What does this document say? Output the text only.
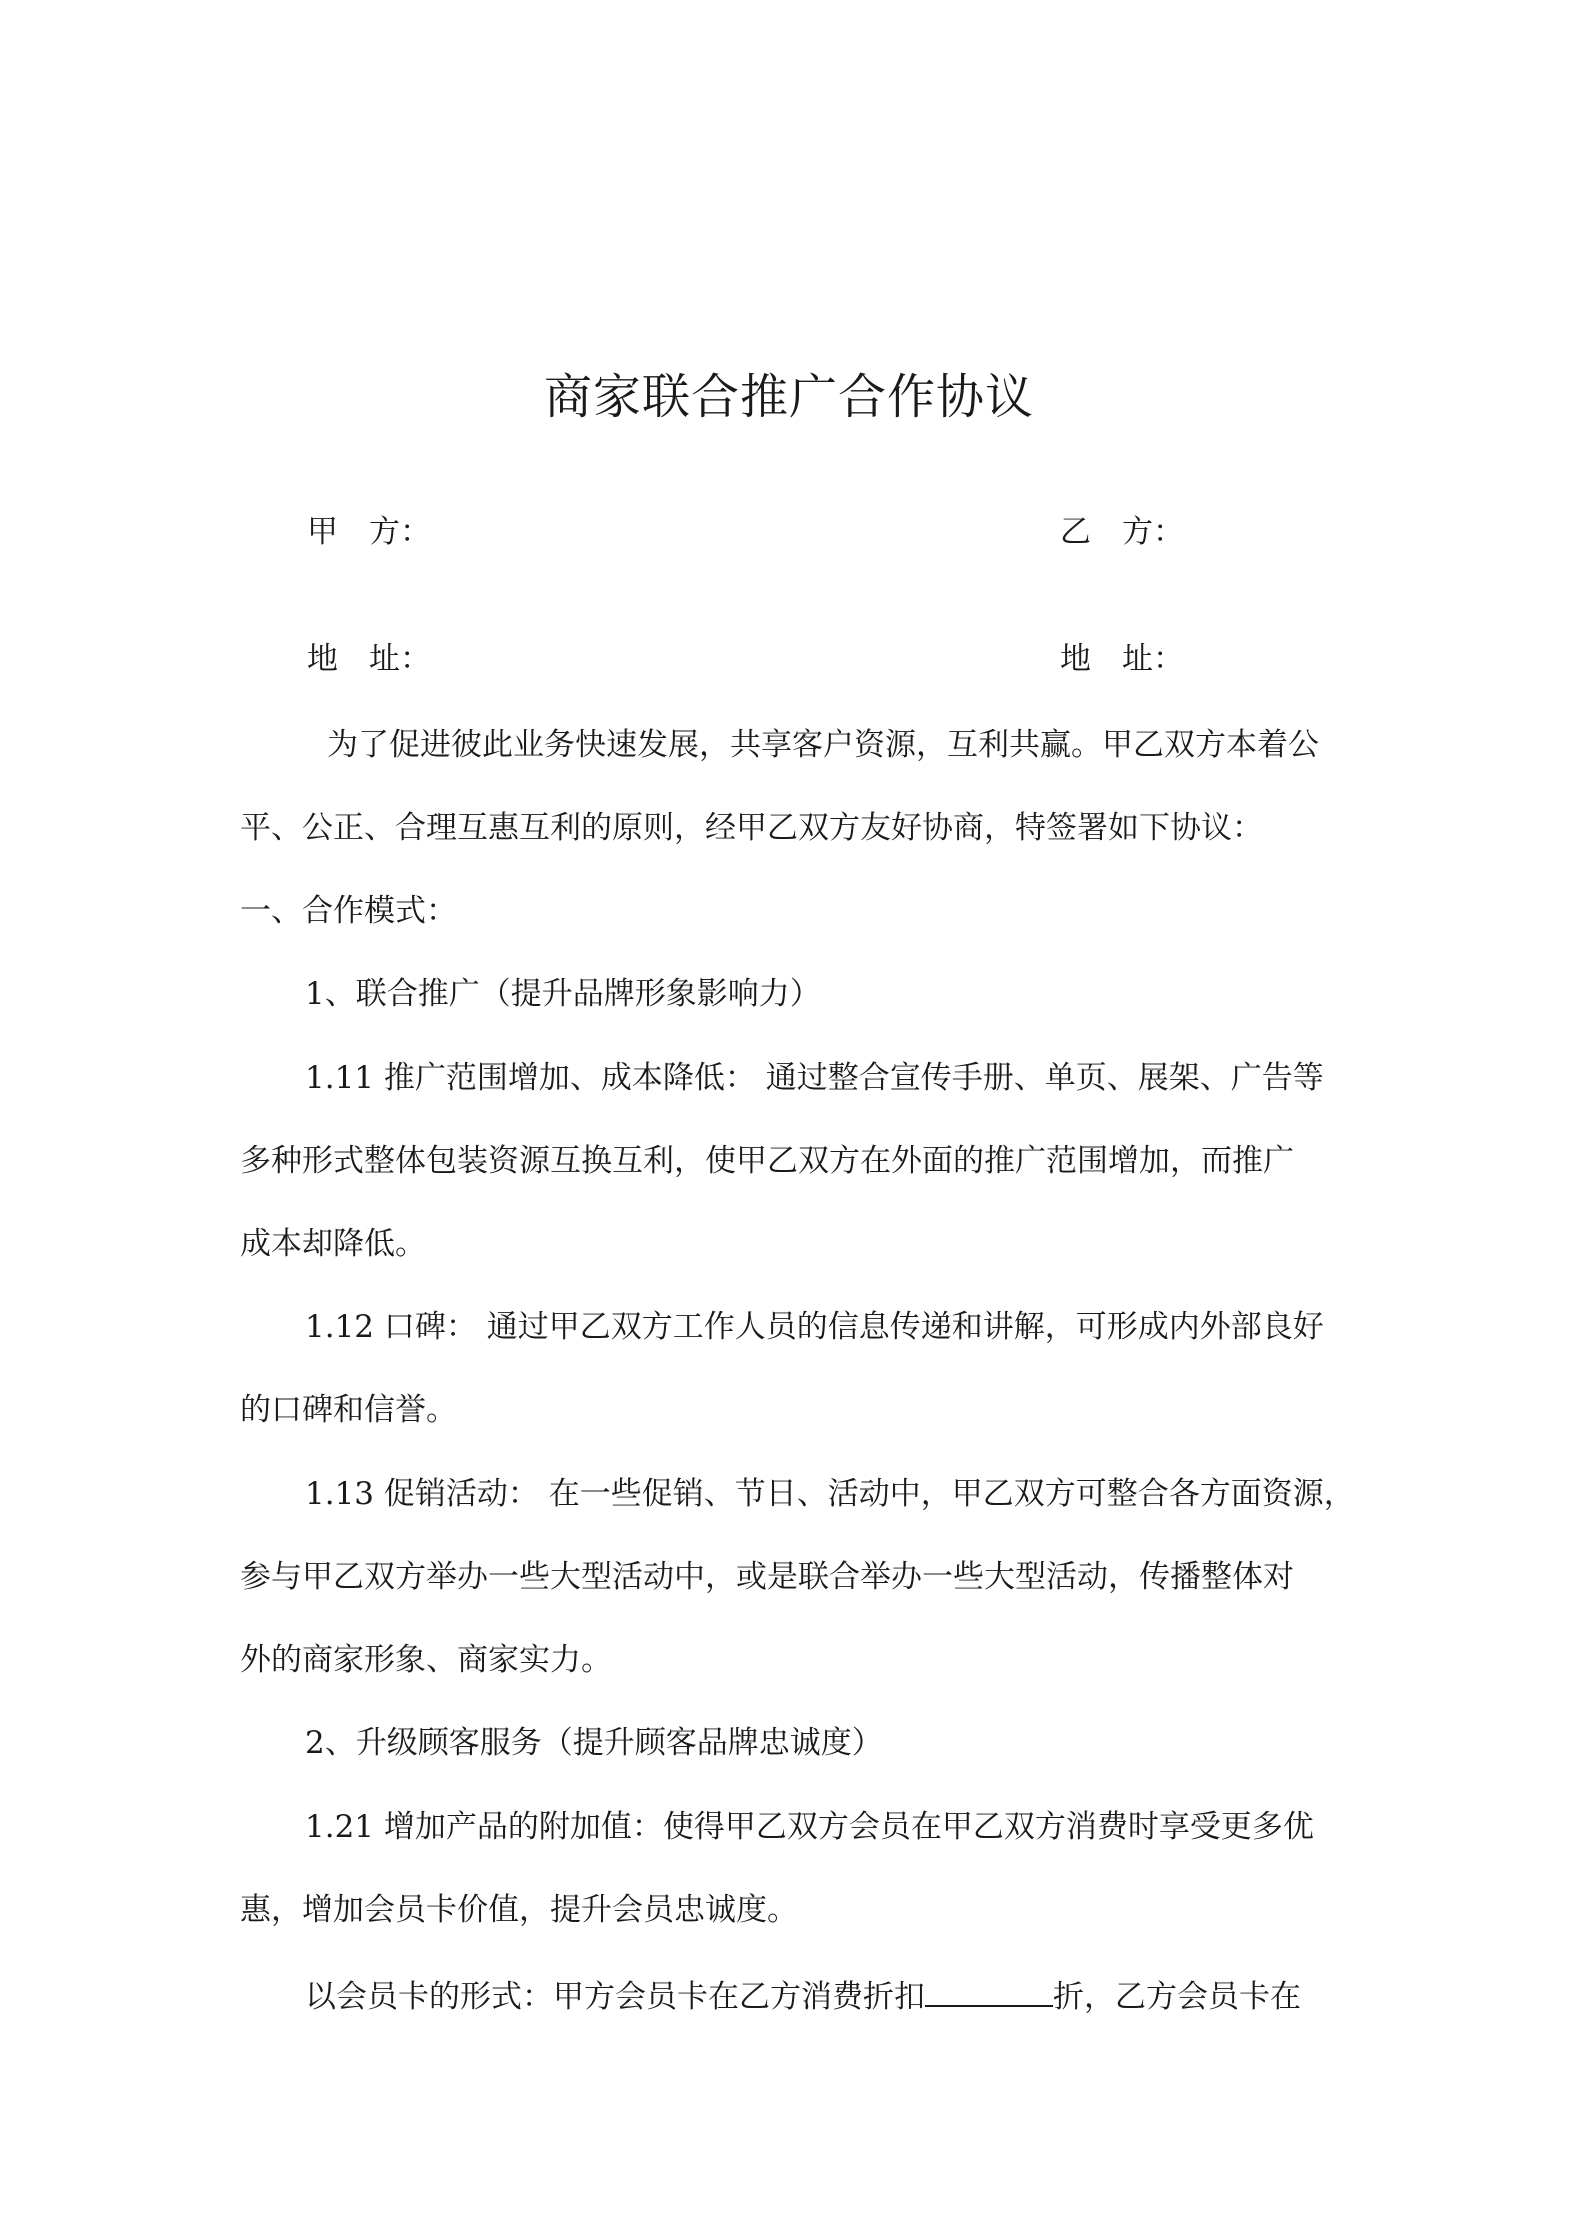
商家联合推广合作协议
甲　方：	乙　方：
地　址：	地　址：
为了促进彼此业务快速发展，共享客户资源，互利共赢。甲乙双方本着公
平、公正、合理互惠互利的原则，经甲乙双方友好协商，特签署如下协议：
一、合作模式：
1、联合推广（提升品牌形象影响力）
1.11 推广范围增加、成本降低： 通过整合宣传手册、单页、展架、广告等
多种形式整体包装资源互换互利，使甲乙双方在外面的推广范围增加，而推广
成本却降低。
1.12 口碑： 通过甲乙双方工作人员的信息传递和讲解，可形成内外部良好
的口碑和信誉。
1.13 促销活动： 在一些促销、节日、活动中，甲乙双方可整合各方面资源，
参与甲乙双方举办一些大型活动中，或是联合举办一些大型活动，传播整体对
外的商家形象、商家实力。
2、升级顾客服务（提升顾客品牌忠诚度）
1.21 增加产品的附加值：使得甲乙双方会员在甲乙双方消费时享受更多优
惠，增加会员卡价值，提升会员忠诚度。
以会员卡的形式：甲方会员卡在乙方消费折扣	折，乙方会员卡在
